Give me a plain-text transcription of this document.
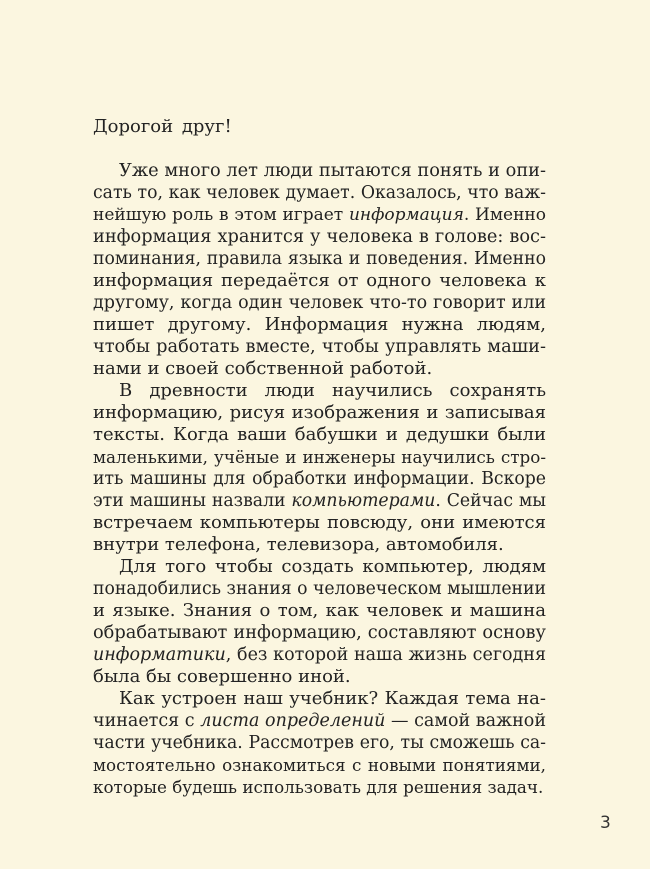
Дорогой друг!
Уже много лет люди пытаются понять и опи-
сать то, как человек думает. Оказалось, что важ-
нейшую роль в этом играет информация. Именно
информация хранится у человека в голове: вос-
поминания, правила языка и поведения. Именно
информация передаётся от одного человека к
другому, когда один человек что-то говорит или
пишет другому. Информация нужна людям,
чтобы работать вместе, чтобы управлять маши-
нами и своей собственной работой.
В древности люди научились сохранять
информацию, рисуя изображения и записывая
тексты. Когда ваши бабушки и дедушки были
маленькими, учёные и инженеры научились стро-
ить машины для обработки информации. Вскоре
эти машины назвали компьютерами. Сейчас мы
встречаем компьютеры повсюду, они имеются
внутри телефона, телевизора, автомобиля.
Для того чтобы создать компьютер, людям
понадобились знания о человеческом мышлении
и языке. Знания о том, как человек и машина
обрабатывают информацию, составляют основу
информатики, без которой наша жизнь сегодня
была бы совершенно иной.
Как устроен наш учебник? Каждая тема на-
чинается с листа определений — самой важной
части учебника. Рассмотрев его, ты сможешь са-
мостоятельно ознакомиться с новыми понятиями,
которые будешь использовать для решения задач.
3
